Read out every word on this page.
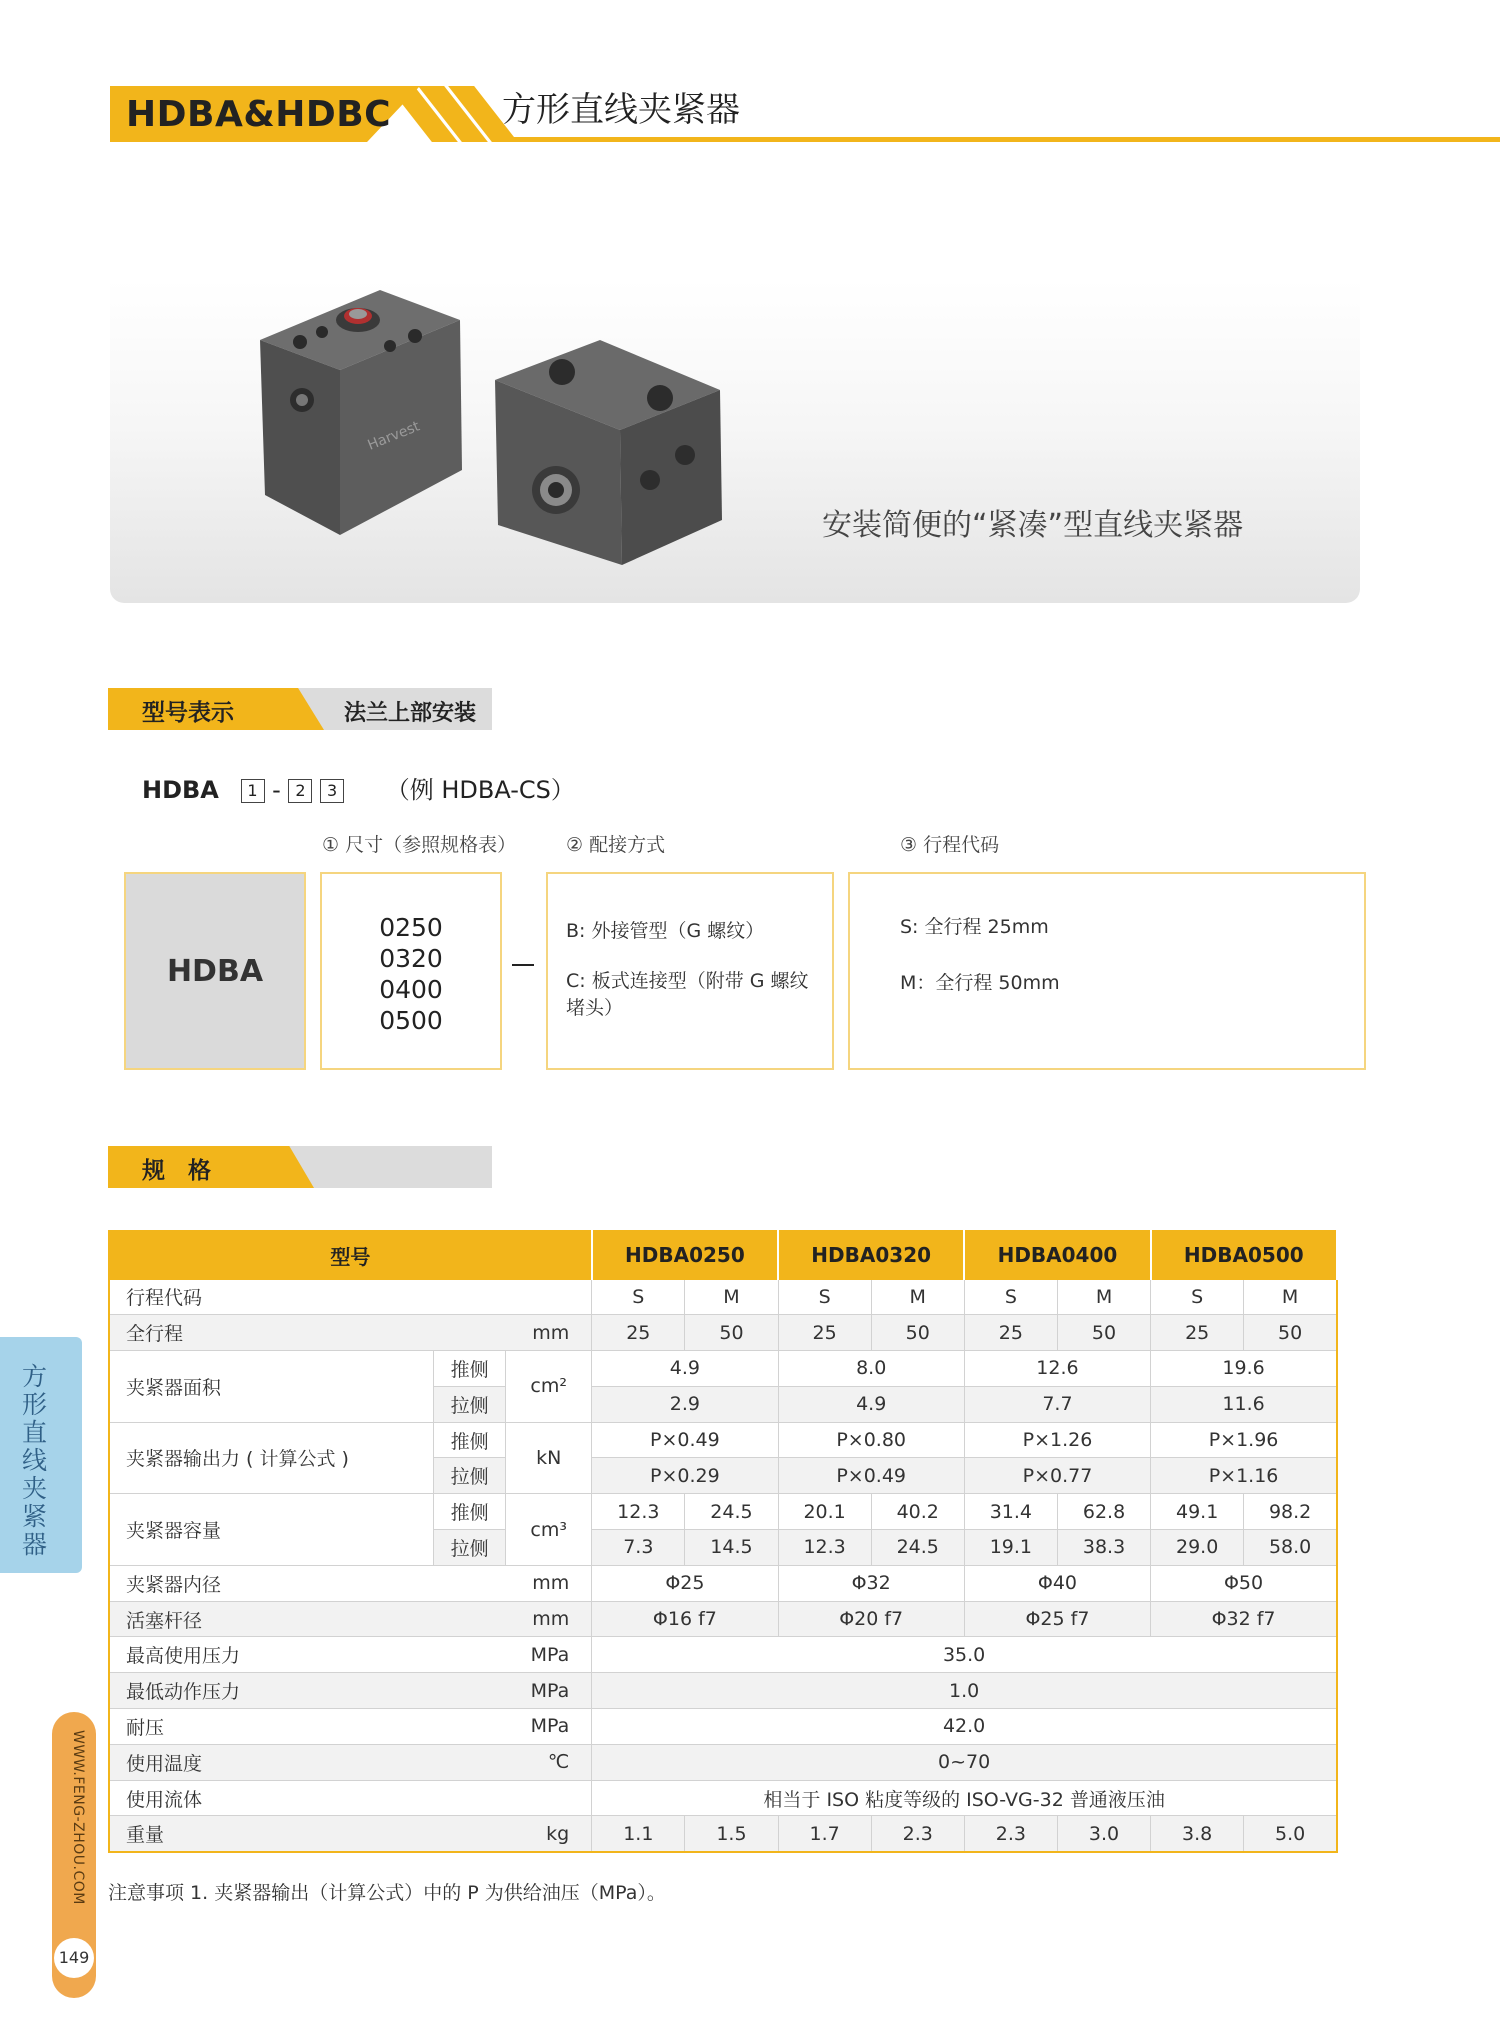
HDBA&HDBC	方形直线夹紧器
Harvest
安装简便的“紧凑”型直线夹紧器
型号表示	法兰上部安装
HDBA 1 - 2 3 （例 HDBA-CS）
① 尺寸（参照规格表）	② 配接方式	③ 行程代码
HDBA
0250
0320
0400
0500
B: 外接管型（G 螺纹）
C: 板式连接型（附带 G 螺纹堵头）
S: 全行程 25mm
M：全行程 50mm
规　格
型号			HDBA0250		HDBA0320		HDBA0400		HDBA0500	
行程代码			S	M	S	M	S	M	S	M
全行程		mm	25	50	25	50	25	50	25	50
夹紧器面积	推侧	cm²	4.9		8.0		12.6		19.6	
	拉侧		2.9		4.9		7.7		11.6	
夹紧器输出力 ( 计算公式 )	推侧	kN	P×0.49		P×0.80		P×1.26		P×1.96	
	拉侧		P×0.29		P×0.49		P×0.77		P×1.16	
夹紧器容量	推侧	cm³	12.3	24.5	20.1	40.2	31.4	62.8	49.1	98.2
	拉侧		7.3	14.5	12.3	24.5	19.1	38.3	29.0	58.0
夹紧器内径		mm	Φ25		Φ32		Φ40		Φ50	
活塞杆径		mm	Φ16 f7		Φ20 f7		Φ25 f7		Φ32 f7	
最高使用压力		MPa	35.0							
最低动作压力		MPa	1.0							
耐压		MPa	42.0							
使用温度		℃	0~70							
使用流体			相当于 ISO 粘度等级的 ISO-VG-32 普通液压油							
重量		kg	1.1	1.5	1.7	2.3	2.3	3.0	3.8	5.0
注意事项 1. 夹紧器输出（计算公式）中的 P 为供给油压（MPa）。
方形直线夹紧器
WWW.FENG-ZHOU.COM
149
